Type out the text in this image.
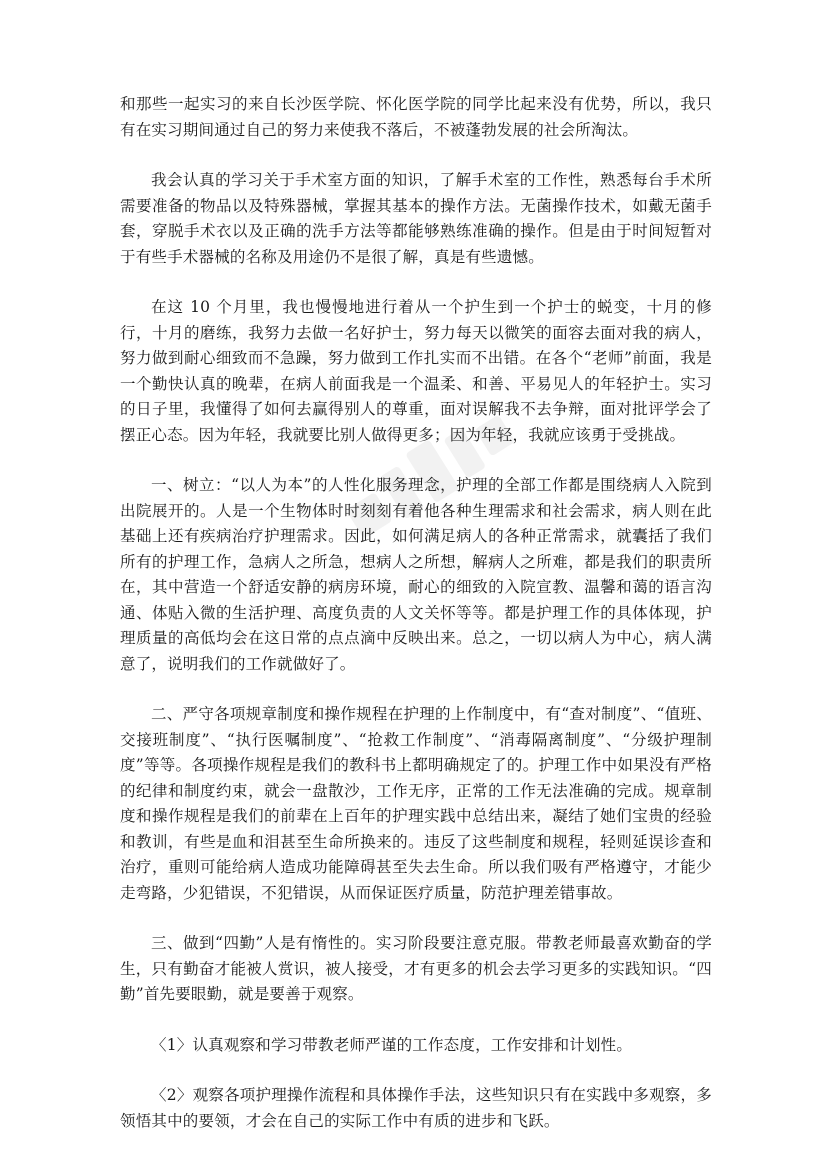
和那些一起实习的来自长沙医学院、怀化医学院的同学比起来没有优势，所以，我只有在实习期间通过自己的努力来使我不落后，不被蓬勃发展的社会所淘汰。

我会认真的学习关于手术室方面的知识，了解手术室的工作性，熟悉每台手术所需要准备的物品以及特殊器械，掌握其基本的操作方法。无菌操作技术，如戴无菌手套，穿脱手术衣以及正确的洗手方法等都能够熟练准确的操作。但是由于时间短暂对于有些手术器械的名称及用途仍不是很了解，真是有些遗憾。

在这 10 个月里，我也慢慢地进行着从一个护生到一个护士的蜕变，十月的修行，十月的磨练，我努力去做一名好护士，努力每天以微笑的面容去面对我的病人，努力做到耐心细致而不急躁，努力做到工作扎实而不出错。在各个“老师”前面，我是一个勤快认真的晚辈，在病人前面我是一个温柔、和善、平易见人的年轻护士。实习的日子里，我懂得了如何去赢得别人的尊重，面对误解我不去争辩，面对批评学会了摆正心态。因为年轻，我就要比别人做得更多；因为年轻，我就应该勇于受挑战。

一、树立：“以人为本”的人性化服务理念，护理的全部工作都是围绕病人入院到出院展开的。人是一个生物体时时刻刻有着他各种生理需求和社会需求，病人则在此基础上还有疾病治疗护理需求。因此，如何满足病人的各种正常需求，就囊括了我们所有的护理工作，急病人之所急，想病人之所想，解病人之所难，都是我们的职责所在，其中营造一个舒适安静的病房环境，耐心的细致的入院宣教、温馨和蔼的语言沟通、体贴入微的生活护理、高度负责的人文关怀等等。都是护理工作的具体体现，护理质量的高低均会在这日常的点点滴中反映出来。总之，一切以病人为中心，病人满意了，说明我们的工作就做好了。

二、严守各项规章制度和操作规程在护理的上作制度中，有“查对制度”、“值班、交接班制度”、“执行医嘱制度”、“抢救工作制度”、“消毒隔离制度”、“分级护理制度”等等。各项操作规程是我们的教科书上都明确规定了的。护理工作中如果没有严格的纪律和制度约束，就会一盘散沙，工作无序，正常的工作无法准确的完成。规章制度和操作规程是我们的前辈在上百年的护理实践中总结出来，凝结了她们宝贵的经验和教训，有些是血和泪甚至生命所换来的。违反了这些制度和规程，轻则延误诊查和治疗，重则可能给病人造成功能障碍甚至失去生命。所以我们吸有严格遵守，才能少走弯路，少犯错误，不犯错误，从而保证医疗质量，防范护理差错事故。

三、做到“四勤”人是有惰性的。实习阶段要注意克服。带教老师最喜欢勤奋的学生，只有勤奋才能被人赏识，被人接受，才有更多的机会去学习更多的实践知识。“四勤”首先要眼勤，就是要善于观察。

〈1〉认真观察和学习带教老师严谨的工作态度，工作安排和计划性。

〈2〉观察各项护理操作流程和具体操作手法，这些知识只有在实践中多观察，多领悟其中的要领，才会在自己的实际工作中有质的进步和飞跃。
